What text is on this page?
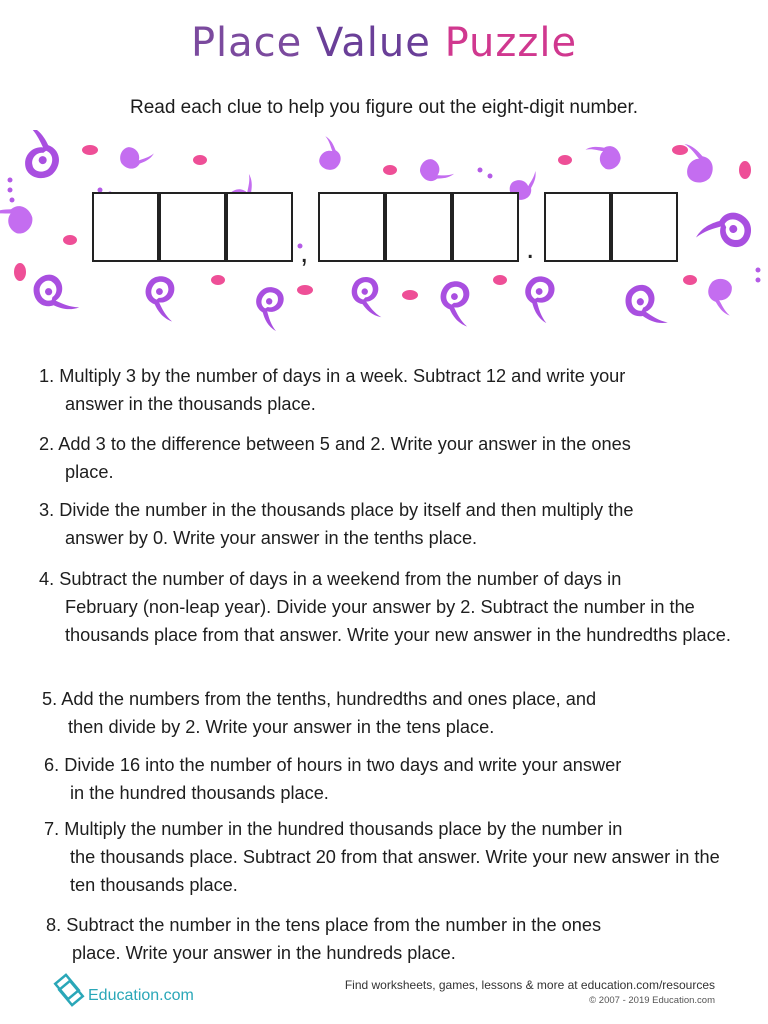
Place Value Puzzle
Read each clue to help you figure out the eight-digit number.
,	.
1. Multiply 3 by the number of days in a week. Subtract 12 and write your
answer in the thousands place.
2. Add 3 to the difference between 5 and 2. Write your answer in the ones
place.
3. Divide the number in the thousands place by itself and then multiply the
answer by 0. Write your answer in the tenths place.
4. Subtract the number of days in a weekend from the number of days in
February (non-leap year). Divide your answer by 2. Subtract the number in the thousands place from that answer. Write your new answer in the hundredths place.
5. Add the numbers from the tenths, hundredths and ones place, and
then divide by 2. Write your answer in the tens place.
6. Divide 16 into the number of hours in two days and write your answer
in the hundred thousands place.
7. Multiply the number in the hundred thousands place by the number in
the thousands place. Subtract 20 from that answer. Write your new answer in the ten thousands place.
8. Subtract the number in the tens place from the number in the ones
place. Write your answer in the hundreds place.
Education.com
Find worksheets, games, lessons & more at education.com/resources
© 2007 - 2019 Education.com
